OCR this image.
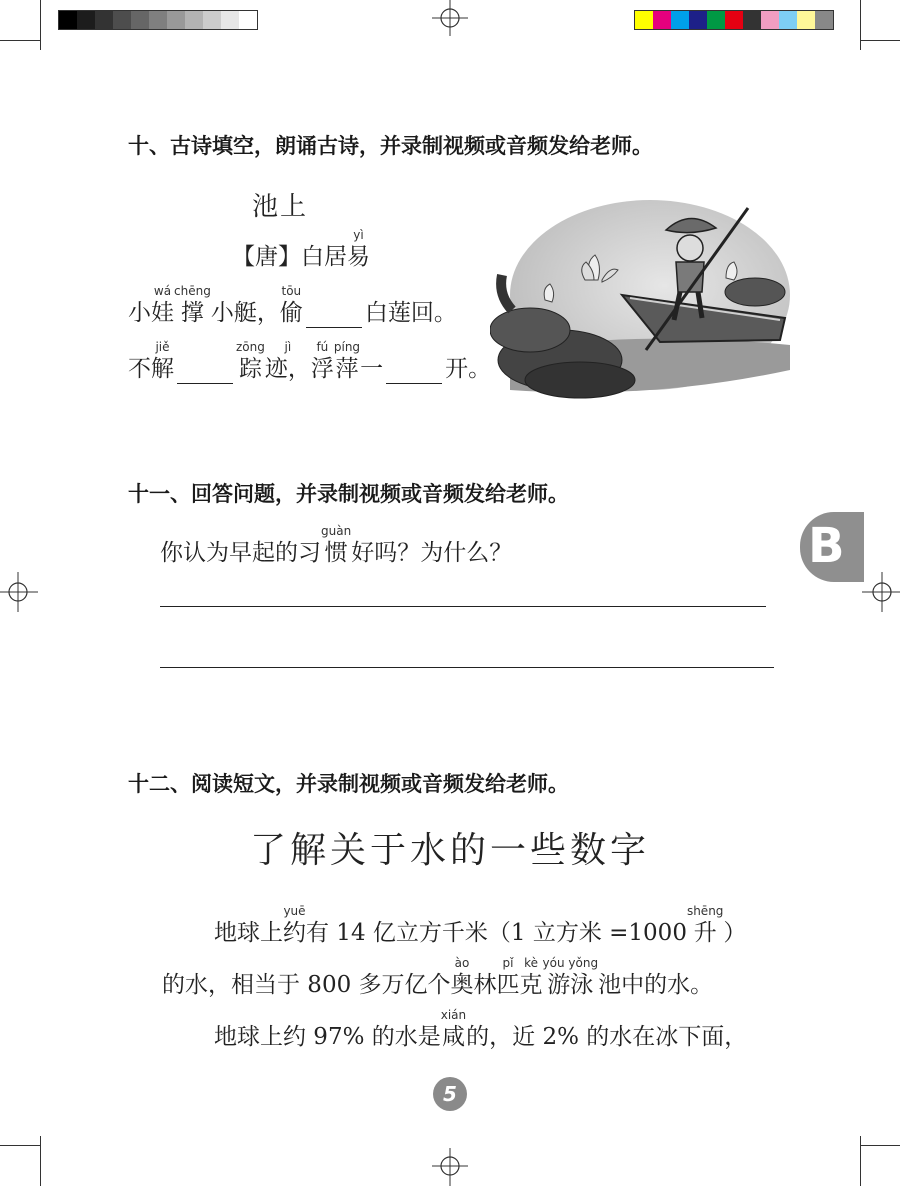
十、古诗填空，朗诵古诗，并录制视频或音频发给老师。
池上
【唐】 白 居
yì
易
小
wá
娃
chēng
撑 小 艇，
tōu
偷	白 莲 回。
不
jiě
解
zōng
踪
jì
迹，
fú
浮
píng
萍 一	开。
十一、回答问题，并录制视频或音频发给老师。
你认为早起的习
guàn
惯 好吗？为什么？	B
十二、阅读短文，并录制视频或音频发给老师。
了解关于水的一些数字
地球上
yuē
约 有 14 亿立方千米（1 立方米 =1000
shēng
升 ）
的水，相当于 800 多万亿个
ào
奥 林
pǐ
匹
kè
克
yóu yǒng
游泳 池中的水。
地球上约 97% 的水是
xián
咸 的，近 2% 的水在冰下面，
5
